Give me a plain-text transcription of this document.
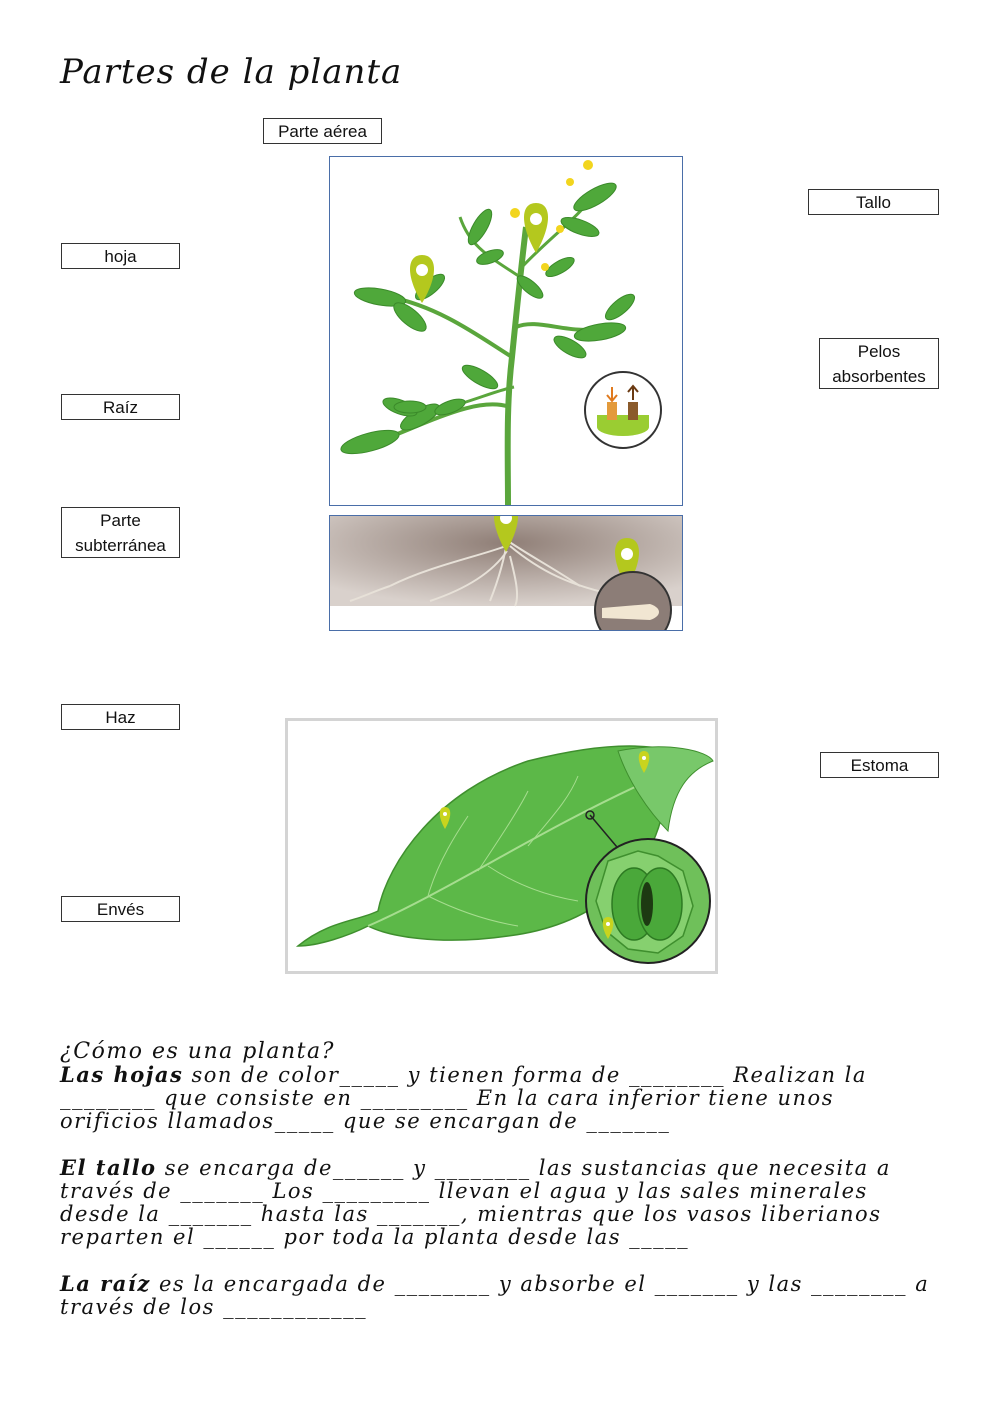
Partes de la planta
Parte aérea
Tallo
hoja
Pelos
absorbentes
Raíz
Parte
subterránea
Haz
Estoma
Envés
¿Cómo es una planta?

Las hojas son de color_____ y tienen forma de ________ Realizan la ________ que consiste en _________ En la cara inferior tiene unos orificios llamados_____ que se encargan de _______

El tallo se encarga de______ y ________ las sustancias que necesita a través de _______ Los _________ llevan el agua y las sales minerales desde la _______ hasta las _______, mientras que los vasos liberianos reparten el ______ por toda la planta desde las _____

La raíz es la encargada de ________ y absorbe el _______ y las ________ a través de los ____________
